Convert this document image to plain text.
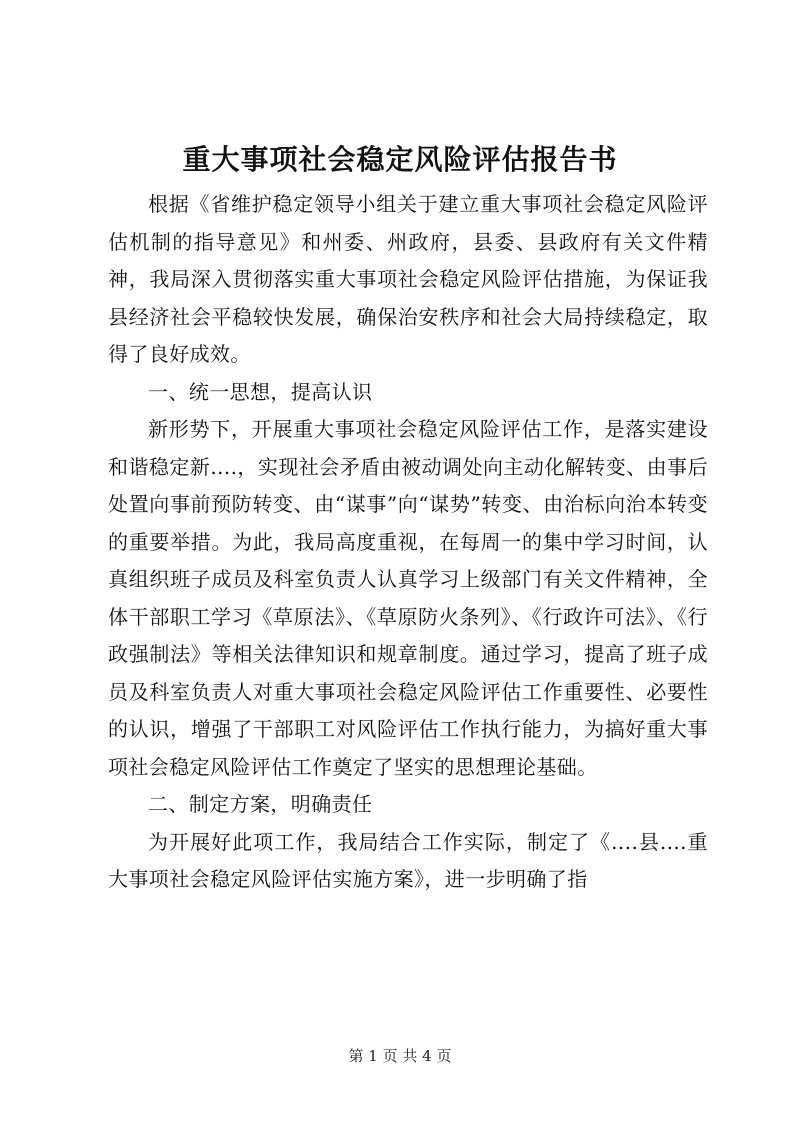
重大事项社会稳定风险评估报告书

根据《省维护稳定领导小组关于建立重大事项社会稳定风险评估机制的指导意见》和州委、州政府，县委、县政府有关文件精神，我局深入贯彻落实重大事项社会稳定风险评估措施，为保证我县经济社会平稳较快发展，确保治安秩序和社会大局持续稳定，取得了良好成效。

一、统一思想，提高认识

新形势下，开展重大事项社会稳定风险评估工作，是落实建设和谐稳定新....，实现社会矛盾由被动调处向主动化解转变、由事后处置向事前预防转变、由“谋事”向“谋势”转变、由治标向治本转变的重要举措。为此，我局高度重视，在每周一的集中学习时间，认真组织班子成员及科室负责人认真学习上级部门有关文件精神，全体干部职工学习《草原法》、《草原防火条列》、《行政许可法》、《行政强制法》等相关法律知识和规章制度。通过学习，提高了班子成员及科室负责人对重大事项社会稳定风险评估工作重要性、必要性的认识，增强了干部职工对风险评估工作执行能力，为搞好重大事项社会稳定风险评估工作奠定了坚实的思想理论基础。

二、制定方案，明确责任

为开展好此项工作，我局结合工作实际，制定了《....县....重大事项社会稳定风险评估实施方案》，进一步明确了指

第 1 页 共 4 页
